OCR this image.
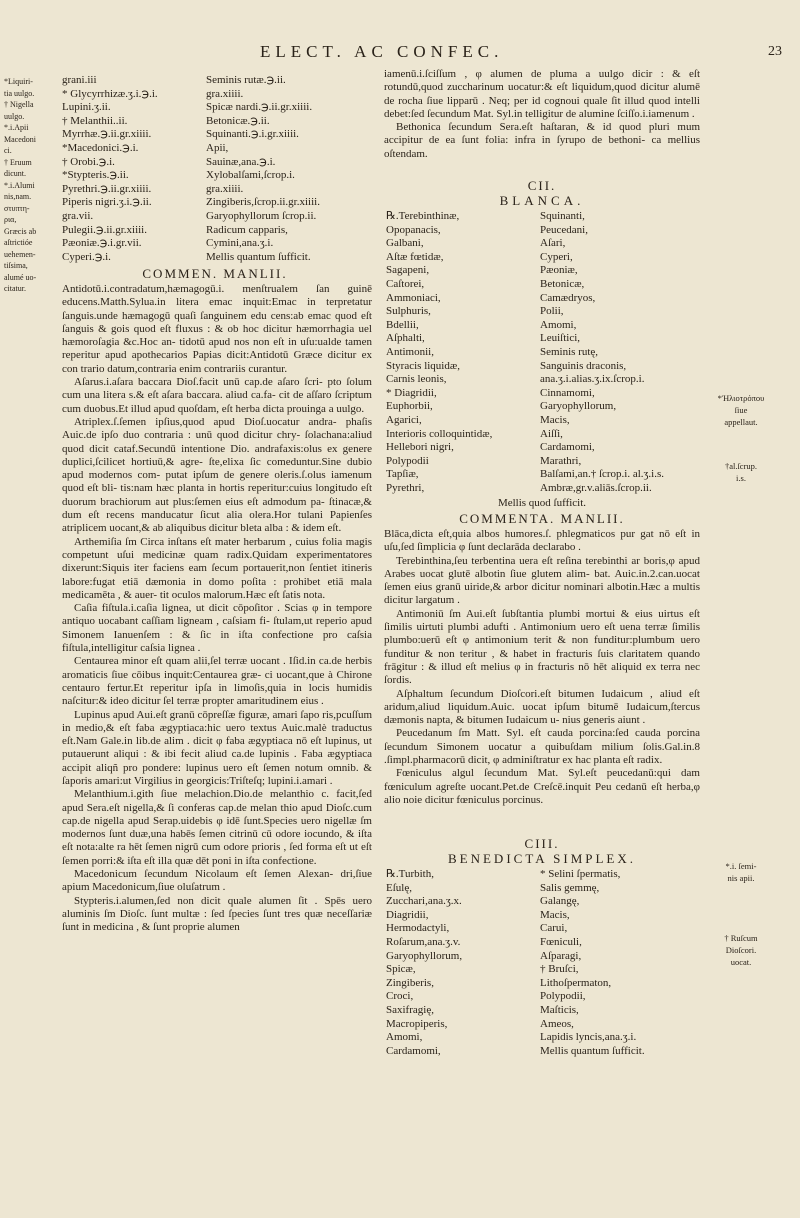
ELECT. AC CONFEC.	23
*Liquiri-
tia uulgo.
† Nigella
uulgo.
*.i.Apii
Macedoni
ci.
† Eruum
dicunt.
*.i.Alumi
nis,nam.
στυπτη-
ρια,
Græcis ab
aſtrictióe
uehemen-
tiſsima,
alumé uo-
citatur.
grani.iii
* Glycyrrhizæ.ʒ.i.℈.i.
Lupini.ʒ.ii.
† Melanthii..ii.
Myrrhæ.℈.ii.gr.xiiii.
*Macedonici.℈.i.
† Orobi.℈.i.
*Stypteris.℈.ii.
Pyrethri.℈.ii.gr.xiiii.
Piperis nigri.ʒ.i.℈.ii.
gra.vii.
Pulegii.℈.ii.gr.xiiii.
Pæoniæ.℈.i.gr.vii.
Cyperi.℈.i.
Seminis rutæ.℈.ii.
gra.xiiii.
Spicæ nardi.℈.ii.gr.xiiii.
Betonicæ.℈.ii.
Squinanti.℈.i.gr.xiiii.
Apii,
Sauinæ,ana.℈.i.
Xylobalſami,ſcrop.i.
gra.xiiii.
Zingiberis,ſcrop.ii.gr.xiiii.
Garyophyllorum ſcrop.ii.
Radicum capparis,
Cymini,ana.ʒ.i.
Mellis quantum ſufficit.
COMMEN. MANLII.

Antidotū.i.contradatum,hæmagogū.i. menſtrualem ſan guinē educens.Matth.Sylua.in litera emac inquit:Emac in terpretatur ſanguis.unde hæmagogū quaſi ſanguinem edu cens:ab emac quod eſt ſanguis & gois quod eſt fluxus : & ob hoc dicitur hæmorrhagia uel hæmoroſagia &c.Hoc an- tidotū apud nos non eſt in uſu:ualde tamen reperitur apud apothecarios Papias dicit:Antidotū Græce dicitur ex con trario datum,contraria enim contrariis curantur.

Aſarus.i.aſara baccara Dioſ.facit unū cap.de aſaro ſcri- pto ſolum cum una litera s.& eſt aſara baccara. aliud ca.fa- cit de aſſaro ſcriptum cum duobus.Et illud apud quoſdam, eſt herba dicta prouinga a uulgo.

Atriplex.ſ.ſemen ipſius,quod apud Dioſ.uocatur andra- phaſis Auic.de ipſo duo contraria : unū quod dicitur chry- ſolachana:aliud quod dicit cataf.Secundū intentione Dio. andrafaxis:olus ex genere duplici,ſcilicet hortiuū,& agre- ſte,elixa ſic comeduntur.Sine dubio apud modernos com- putat ipſum de genere oleris.ſ.olus iamenum quod eſt bli- tis:nam hæc planta in hortis reperitur:cuius longitudo eſt duorum brachiorum aut plus:ſemen eius eſt admodum pa- ſtinacæ,& dum eſt recens manducatur ſicut alia olera.Hor tulani Papienſes atriplicem uocant,& ab aliquibus dicitur bleta alba : & idem eſt.

Arthemiſia ſm Circa inſtans eſt mater herbarum , cuius folia magis competunt uſui medicinæ quam radix.Quidam experimentatores dixerunt:Siquis iter faciens eam ſecum portauerit,non ſentiet itineris labore:fugat etiā dæmonia in domo poſita : prohibet etiā mala medicamēta , & auer- tit oculos malorum.Hæc eſt ſatis nota.

Caſia fiſtula.i.caſia lignea, ut dicit cōpoſitor . Scias φ in tempore antiquo uocabant caſſiam ligneam , caſsiam fi- ſtulam,ut reperio apud Simonem Ianuenſem : & ſic in iſta confectione pro caſsia fiſtula,intelligitur caſsia lignea .

Centaurea minor eſt quam alii,ſel terræ uocant . Iſid.in ca.de herbis aromaticis ſiue cōibus inquit:Centaurea græ- ci uocant,que à Chirone centauro fertur.Et reperitur ipſa in limoſis,quia in locis humidis naſcitur:& ideo dicitur ſel terræ propter amaritudinem eius .

Lupinus apud Aui.eſt granū cōpreſſæ figuræ, amari ſapo ris,pcuſſum in medio,& eſt faba ægyptiaca:hic uero textus Auic.malè traductus eſt.Nam Gale.in lib.de alim . dicit φ faba ægyptiaca nō eſt lupinus, ut putauerunt aliqui : & ibi fecit aliud ca.de lupinis . Faba ægyptiaca accipit aliqñ pro pondere: lupinus uero eſt ſemen notum omnib. & ſaporis amari:ut Virgilius in georgicis:Triſteſq; lupini.i.amari .

Melanthium.i.gith ſiue melachion.Dio.de melanthio c. facit,ſed apud Sera.eſt nigella,& ſi conferas cap.de melan thio apud Dioſc.cum cap.de nigella apud Serap.uidebis φ idē ſunt.Species uero nigellæ ſm modernos ſunt duæ,una habēs ſemen citrinū cū odore iocundo, & iſta eſt nota:alte ra hēt ſemen nigrū cum odore prioris , ſed forma eſt ut eſt ſemen porri:& iſta eſt illa quæ dēt poni in iſta confectione.

Macedonicum ſecundum Nicolaum eſt ſemen Alexan- dri,ſiue apium Macedonicum,ſiue oluſatrum .

Stypteris.i.alumen,ſed non dicit quale alumen ſit . Spēs uero aluminis ſm Dioſc. ſunt multæ : ſed ſpecies ſunt tres quæ neceſſariæ ſunt in medicina , & ſunt proprie alumen

iamenū.i.ſciſſum , φ alumen de pluma a uulgo dicir : & eſt rotundū,quod zuccharinum uocatur:& eſt liquidum,quod dicitur alumē de rocha ſiue lipparū . Neq; per id cognoui quale ſit illud quod intelli debet:ſed ſecundum Mat. Syl.in telligitur de alumine ſciſſo.i.iamenum .

Bethonica ſecundum Sera.eſt haſtaran, & id quod pluri mum accipitur de ea ſunt folia: infra in ſyrupo de bethoni- ca mellius oſtendam.

CII.
BLANCA.
℞.Terebinthinæ,
Opopanacis,
Galbani,
Aſtæ fœtidæ,
Sagapeni,
Caſtorei,
Ammoniaci,
Sulphuris,
Bdellii,
Aſphalti,
Antimonii,
Styracis liquidæ,
Carnis leonis,
* Diagridii,
Euphorbii,
Agarici,
Interioris colloquintidæ,
Hellebori nigri,
Polypodii
Tapſiæ,
Pyrethri,
Squinanti,
Peucedani,
Aſari,
Cyperi,
Pæoniæ,
Betonicæ,
Camædryos,
Polii,
Amomi,
Leuiſtici,
Seminis rutę,
Sanguinis draconis,
ana.ʒ.i.alias.ʒ.ix.ſcrop.i.
Cinnamomi,
Garyophyllorum,
Macis,
Aiſſi,
Cardamomi,
Marathri,
Balſami,an.† ſcrop.i. al.ʒ.i.s.
Ambræ,gr.v.aliās.ſcrop.ii.
Mellis quod ſufficit.
COMMENTA. MANLII.

Blāca,dicta eſt,quia albos humores.ſ. phlegmaticos pur gat nō eſt in uſu,ſed ſimplicia φ ſunt declarāda declarabo .

Terebinthina,ſeu terbentina uera eſt reſina terebinthi ar boris,φ apud Arabes uocat glutē albotin ſiue glutem alim- bat. Auic.in.2.can.uocat ſemen eius granū uiride,& arbor dicitur nominari albotin.Hæc a multis dicitur largatum .

Antimoniū ſm Aui.eſt ſubſtantia plumbi mortui & eius uirtus eſt ſimilis uirtuti plumbi adufti . Antimonium uero eſt uena terræ ſimilis plumbo:uerū eſt φ antimonium terit & non funditur:plumbum uero funditur & non teritur , & habet in fracturis ſuis claritatem quando frāgitur : & illud eſt melius φ in fracturis nō hēt aliquid ex terra nec ſordis.

Aſphaltum ſecundum Dioſcori.eſt bitumen Iudaicum , aliud eſt aridum,aliud liquidum.Auic. uocat ipſum bitumē Iudaicum,ſtercus dæmonis napta, & bitumen Iudaicum u- nius generis aiunt .

Peucedanum ſm Matt. Syl. eſt cauda porcina:ſed cauda porcina ſecundum Simonem uocatur a quibuſdam milium ſolis.Gal.in.8 .ſimpl.pharmacorū dicit, φ adminiſtratur ex hac planta eſt radix.

Fœniculus algul ſecundum Mat. Syl.eſt peucedanū:qui dam fœniculum agreſte uocant.Pet.de Creſcē.inquit Peu cedanū eſt herba,φ alio noie dicitur fœniculus porcinus.

CIII.
BENEDICTA SIMPLEX.
℞.Turbith,
Eſulę,
Zucchari,ana.ʒ.x.
Diagridii,
Hermodactyli,
Roſarum,ana.ʒ.v.
Garyophyllorum,
Spicæ,
Zingiberis,
Croci,
Saxifragię,
Macropiperis,
Amomi,
Cardamomi,
* Selini ſpermatis,
Salis gemmę,
Galangę,
Macis,
Carui,
Fœniculi,
Aſparagi,
† Bruſci,
Lithoſpermaton,
Polypodii,
Maſticis,
Ameos,
Lapidis lyncis,ana.ʒ.i.
Mellis quantum ſufficit.
*Ἡλιοτρόπου
ſiue
appellaut.
†al.ſcrup.
i.s.
*.i. ſemi-
nis apii.
† Ruſcum
Dioſcori.
uocat.
